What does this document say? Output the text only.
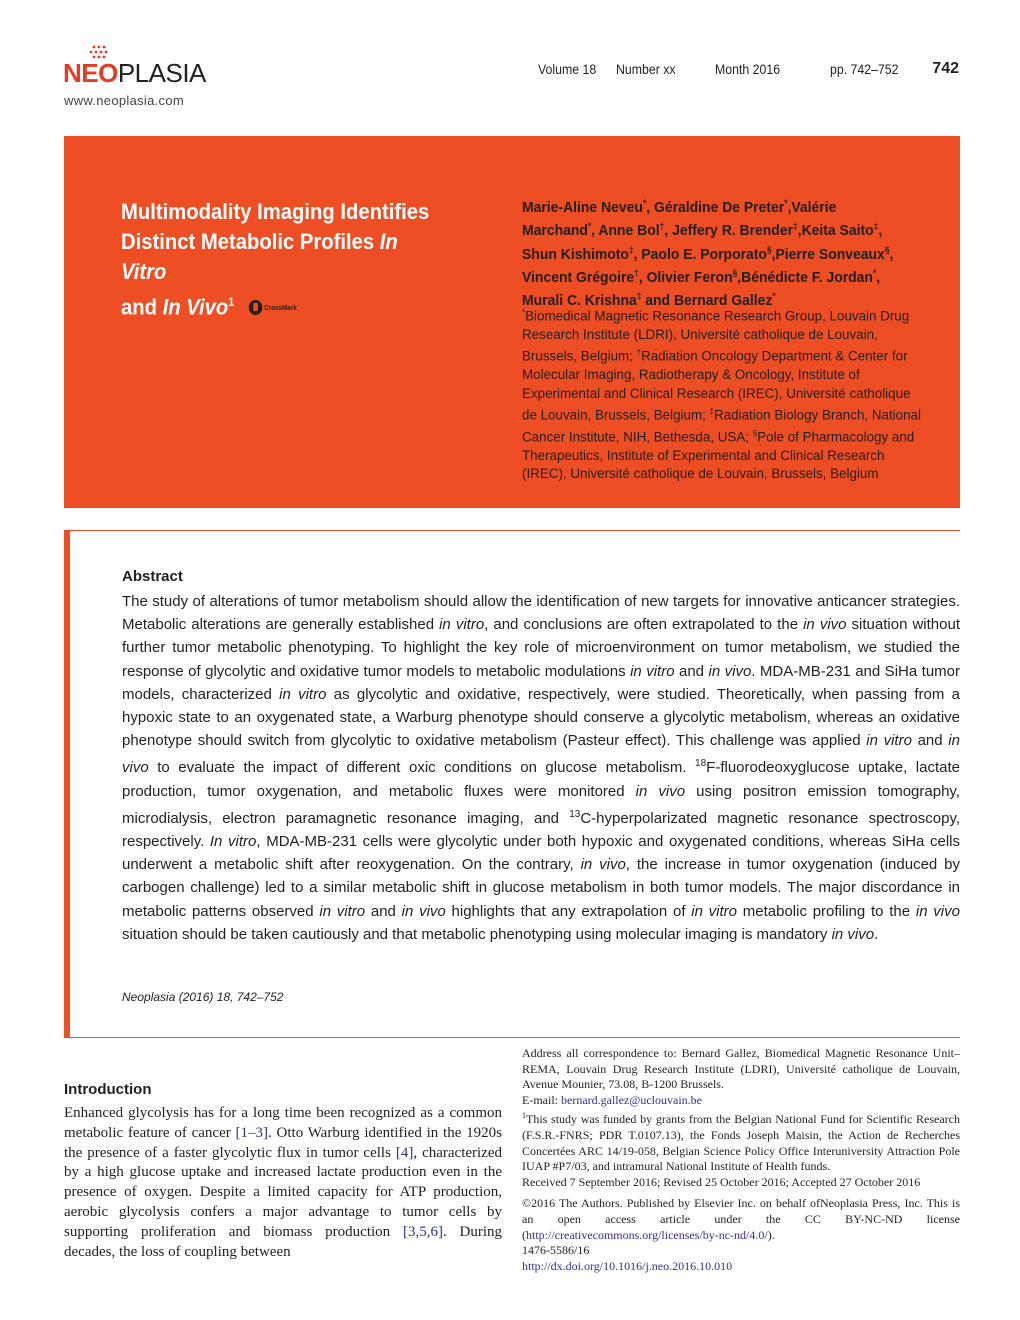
NEOPLASIA
www.neoplasia.com
Volume 18 Number xx	Month 2016	pp. 742–752 742
Multimodality Imaging Identifies
Distinct Metabolic Profiles In Vitro
and In Vivo$^1$	CrossMark
Marie-Aline Neveu*, Géraldine De Preter*,Valérie Marchand*, Anne Bol†, Jeffery R. Brender‡,Keita Saito‡, Shun Kishimoto‡, Paolo E. Porporato§,Pierre Sonveaux§, Vincent Grégoire†, Olivier Feron§,Bénédicte F. Jordan*, Murali C. Krishna‡ and Bernard Gallez*
*Biomedical Magnetic Resonance Research Group, Louvain Drug Research Institute (LDRI), Université catholique de Louvain, Brussels, Belgium; †Radiation Oncology Department & Center for Molecular Imaging, Radiotherapy & Oncology, Institute of Experimental and Clinical Research (IREC), Université catholique de Louvain, Brussels, Belgium; ‡Radiation Biology Branch, National Cancer Institute, NIH, Bethesda, USA; §Pole of Pharmacology and Therapeutics, Institute of Experimental and Clinical Research (IREC), Université catholique de Louvain, Brussels, Belgium
Abstract
The study of alterations of tumor metabolism should allow the identification of new targets for innovative anticancer strategies. Metabolic alterations are generally established in vitro, and conclusions are often extrapolated to the in vivo situation without further tumor metabolic phenotyping. To highlight the key role of microenvironment on tumor metabolism, we studied the response of glycolytic and oxidative tumor models to metabolic modulations in vitro and in vivo. MDA-MB-231 and SiHa tumor models, characterized in vitro as glycolytic and oxidative, respectively, were studied. Theoretically, when passing from a hypoxic state to an oxygenated state, a Warburg phenotype should conserve a glycolytic metabolism, whereas an oxidative phenotype should switch from glycolytic to oxidative metabolism (Pasteur effect). This challenge was applied in vitro and in vivo to evaluate the impact of different oxic conditions on glucose metabolism. $^{18}$F-fluorodeoxyglucose uptake, lactate production, tumor oxygenation, and metabolic fluxes were monitored in vivo using positron emission tomography, microdialysis, electron paramagnetic resonance imaging, and $^{13}$C-hyperpolarizated magnetic resonance spectroscopy, respectively. In vitro, MDA-MB-231 cells were glycolytic under both hypoxic and oxygenated conditions, whereas SiHa cells underwent a metabolic shift after reoxygenation. On the contrary, in vivo, the increase in tumor oxygenation (induced by carbogen challenge) led to a similar metabolic shift in glucose metabolism in both tumor models. The major discordance in metabolic patterns observed in vitro and in vivo highlights that any extrapolation of in vitro metabolic profiling to the in vivo situation should be taken cautiously and that metabolic phenotyping using molecular imaging is mandatory in vivo.
Neoplasia (2016) 18, 742–752
Introduction
Enhanced glycolysis has for a long time been recognized as a common metabolic feature of cancer [1–3]. Otto Warburg identified in the 1920s the presence of a faster glycolytic flux in tumor cells [4], characterized by a high glucose uptake and increased lactate production even in the presence of oxygen. Despite a limited capacity for ATP production, aerobic glycolysis confers a major advantage to tumor cells by supporting proliferation and biomass production [3,5,6]. During decades, the loss of coupling between

Address all correspondence to: Bernard Gallez, Biomedical Magnetic Resonance Unit–REMA, Louvain Drug Research Institute (LDRI), Université catholique de Louvain, Avenue Mounier, 73.08, B-1200 Brussels.

E-mail: bernard.gallez@uclouvain.be

$^1$This study was funded by grants from the Belgian National Fund for Scientific Research (F.S.R.-FNRS; PDR T.0107.13), the Fonds Joseph Maisin, the Action de Recherches Concertées ARC 14/19-058, Belgian Science Policy Office Interuniversity Attraction Pole IUAP #P7/03, and intramural National Institute of Health funds.

Received 7 September 2016; Revised 25 October 2016; Accepted 27 October 2016

©2016 The Authors. Published by Elsevier Inc. on behalf ofNeoplasia Press, Inc. This is an open access article under the CC BY-NC-ND license (http://creativecommons.org/licenses/by-nc-nd/4.0/).

1476-5586/16

http://dx.doi.org/10.1016/j.neo.2016.10.010
